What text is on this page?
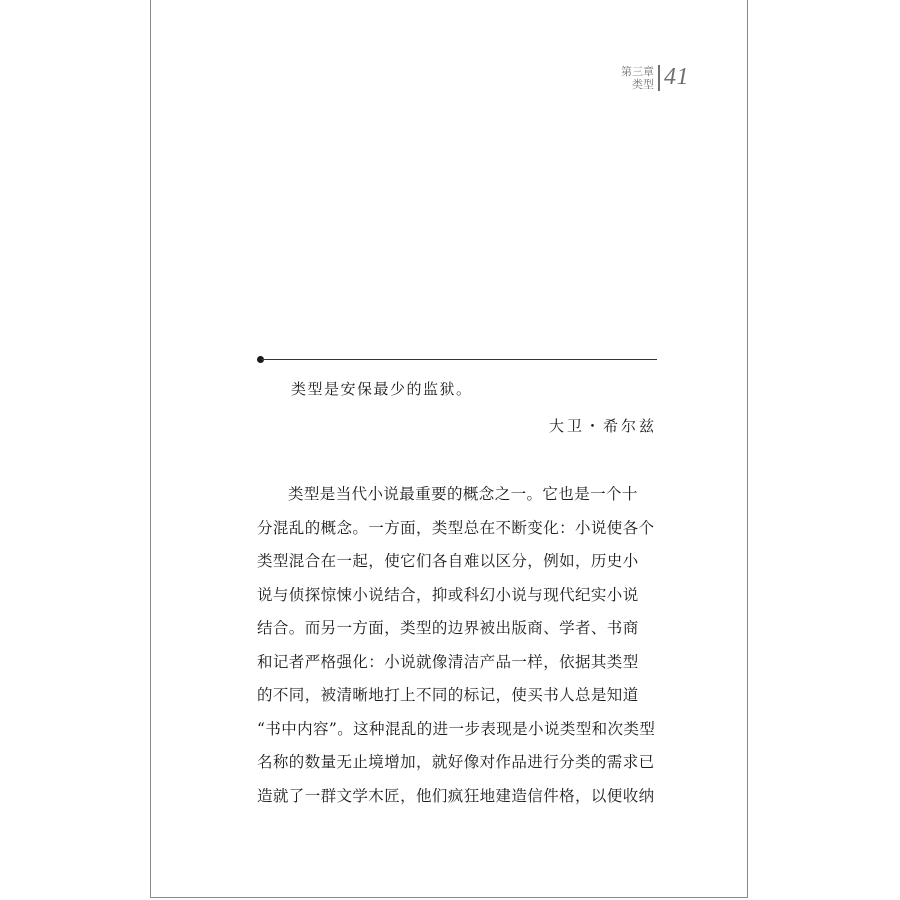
第三章
类型 41
类型是安保最少的监狱。
大卫・希尔兹
类型是当代小说最重要的概念之一。它也是一个十
分混乱的概念。一方面，类型总在不断变化：小说使各个
类型混合在一起，使它们各自难以区分，例如，历史小
说与侦探惊悚小说结合，抑或科幻小说与现代纪实小说
结合。而另一方面，类型的边界被出版商、学者、书商
和记者严格强化：小说就像清洁产品一样，依据其类型
的不同，被清晰地打上不同的标记，使买书人总是知道
“书中内容”。这种混乱的进一步表现是小说类型和次类型
名称的数量无止境增加，就好像对作品进行分类的需求已
造就了一群文学木匠，他们疯狂地建造信件格，以便收纳
